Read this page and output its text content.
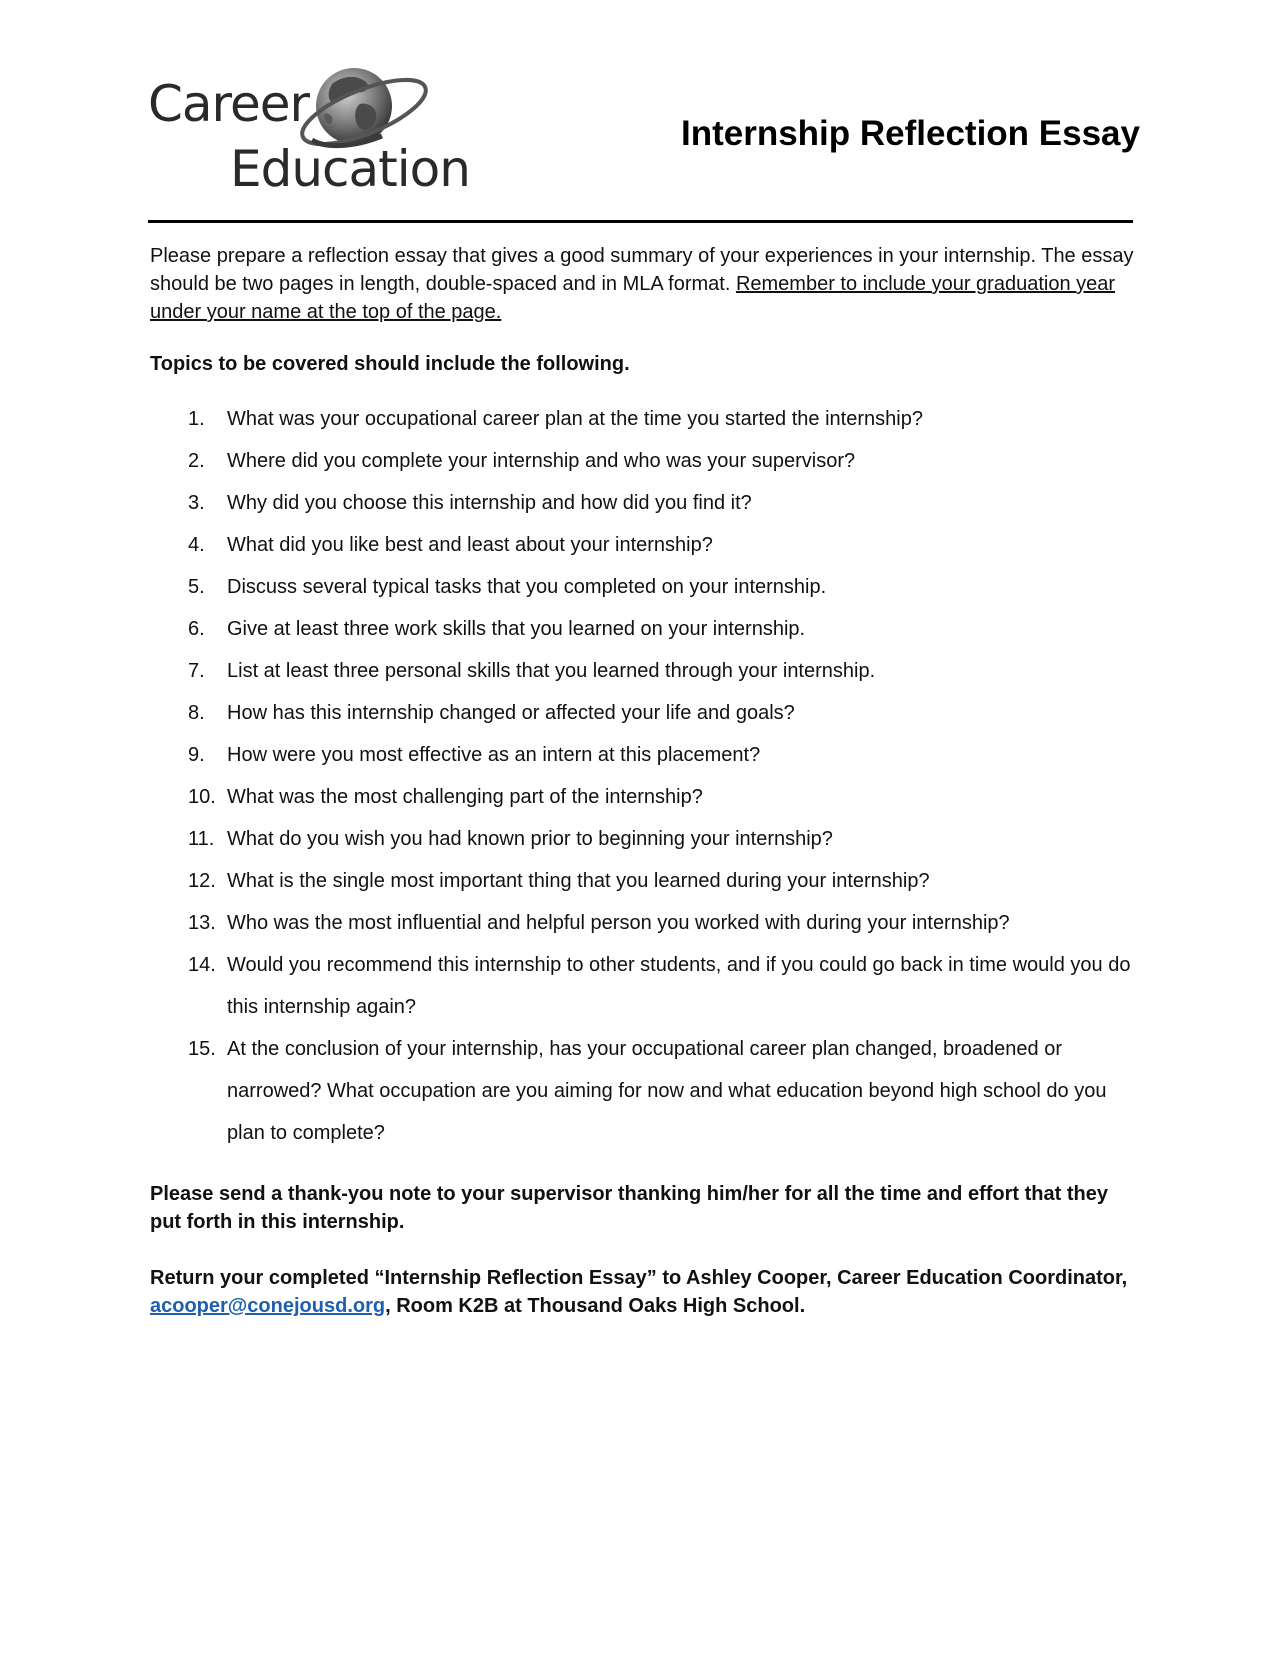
Career
Education
Internship Reflection Essay

Please prepare a reflection essay that gives a good summary of your experiences in your internship. The essay should be two pages in length, double-spaced and in MLA format. Remember to include your graduation year under your name at the top of the page.

Topics to be covered should include the following.

1. What was your occupational career plan at the time you started the internship?
2. Where did you complete your internship and who was your supervisor?
3. Why did you choose this internship and how did you find it?
4. What did you like best and least about your internship?
5. Discuss several typical tasks that you completed on your internship.
6. Give at least three work skills that you learned on your internship.
7. List at least three personal skills that you learned through your internship.
8. How has this internship changed or affected your life and goals?
9. How were you most effective as an intern at this placement?
10. What was the most challenging part of the internship?
11. What do you wish you had known prior to beginning your internship?
12. What is the single most important thing that you learned during your internship?
13. Who was the most influential and helpful person you worked with during your internship?
14. Would you recommend this internship to other students, and if you could go back in time would you do this internship again?
15. At the conclusion of your internship, has your occupational career plan changed, broadened or narrowed? What occupation are you aiming for now and what education beyond high school do you plan to complete?

Please send a thank-you note to your supervisor thanking him/her for all the time and effort that they put forth in this internship.

Return your completed “Internship Reflection Essay” to Ashley Cooper, Career Education Coordinator, acooper@conejousd.org, Room K2B at Thousand Oaks High School.
